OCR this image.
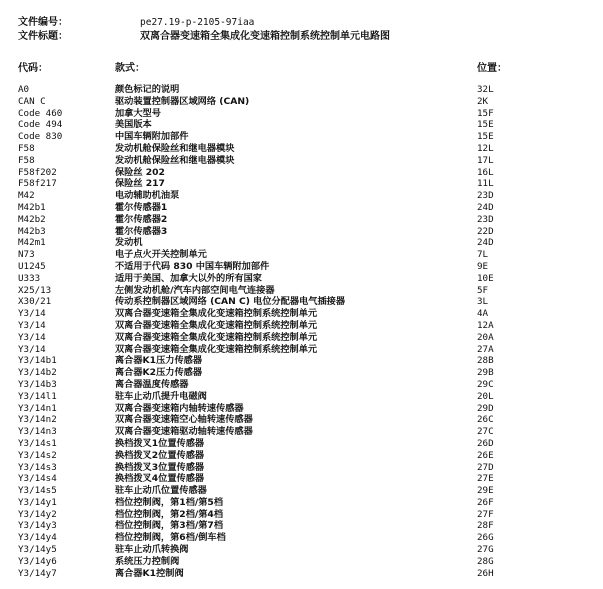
文件编号：	pe27.19-p-2105-97iaa
文件标题：	双离合器变速箱全集成化变速箱控制系统控制单元电路图
代码：	款式：	位置：
A0	颜色标记的说明	32L
CAN C	驱动装置控制器区域网络 (CAN)	2K
Code 460	加拿大型号	15F
Code 494	美国版本	15E
Code 830	中国车辆附加部件	15E
F58	发动机舱保险丝和继电器模块	12L
F58	发动机舱保险丝和继电器模块	17L
F58f202	保险丝 202	16L
F58f217	保险丝 217	11L
M42	电动辅助机油泵	23D
M42b1	霍尔传感器1	24D
M42b2	霍尔传感器2	23D
M42b3	霍尔传感器3	22D
M42m1	发动机	24D
N73	电子点火开关控制单元	7L
U1245	不适用于代码 830 中国车辆附加部件	9E
U333	适用于美国、加拿大以外的所有国家	10E
X25/13	左侧发动机舱/汽车内部空间电气连接器	5F
X30/21	传动系控制器区域网络 (CAN C) 电位分配器电气插接器	3L
Y3/14	双离合器变速箱全集成化变速箱控制系统控制单元	4A
Y3/14	双离合器变速箱全集成化变速箱控制系统控制单元	12A
Y3/14	双离合器变速箱全集成化变速箱控制系统控制单元	20A
Y3/14	双离合器变速箱全集成化变速箱控制系统控制单元	27A
Y3/14b1	离合器K1压力传感器	28B
Y3/14b2	离合器K2压力传感器	29B
Y3/14b3	离合器温度传感器	29C
Y3/14l1	驻车止动爪提升电磁阀	20L
Y3/14n1	双离合器变速箱内轴转速传感器	29D
Y3/14n2	双离合器变速箱空心轴转速传感器	26C
Y3/14n3	双离合器变速箱驱动轴转速传感器	27C
Y3/14s1	换档拨叉1位置传感器	26D
Y3/14s2	换档拨叉2位置传感器	26E
Y3/14s3	换档拨叉3位置传感器	27D
Y3/14s4	换档拨叉4位置传感器	27E
Y3/14s5	驻车止动爪位置传感器	29E
Y3/14y1	档位控制阀，第1档/第5档	26F
Y3/14y2	档位控制阀，第2档/第4档	27F
Y3/14y3	档位控制阀，第3档/第7档	28F
Y3/14y4	档位控制阀，第6档/倒车档	26G
Y3/14y5	驻车止动爪转换阀	27G
Y3/14y6	系统压力控制阀	28G
Y3/14y7	离合器K1控制阀	26H
